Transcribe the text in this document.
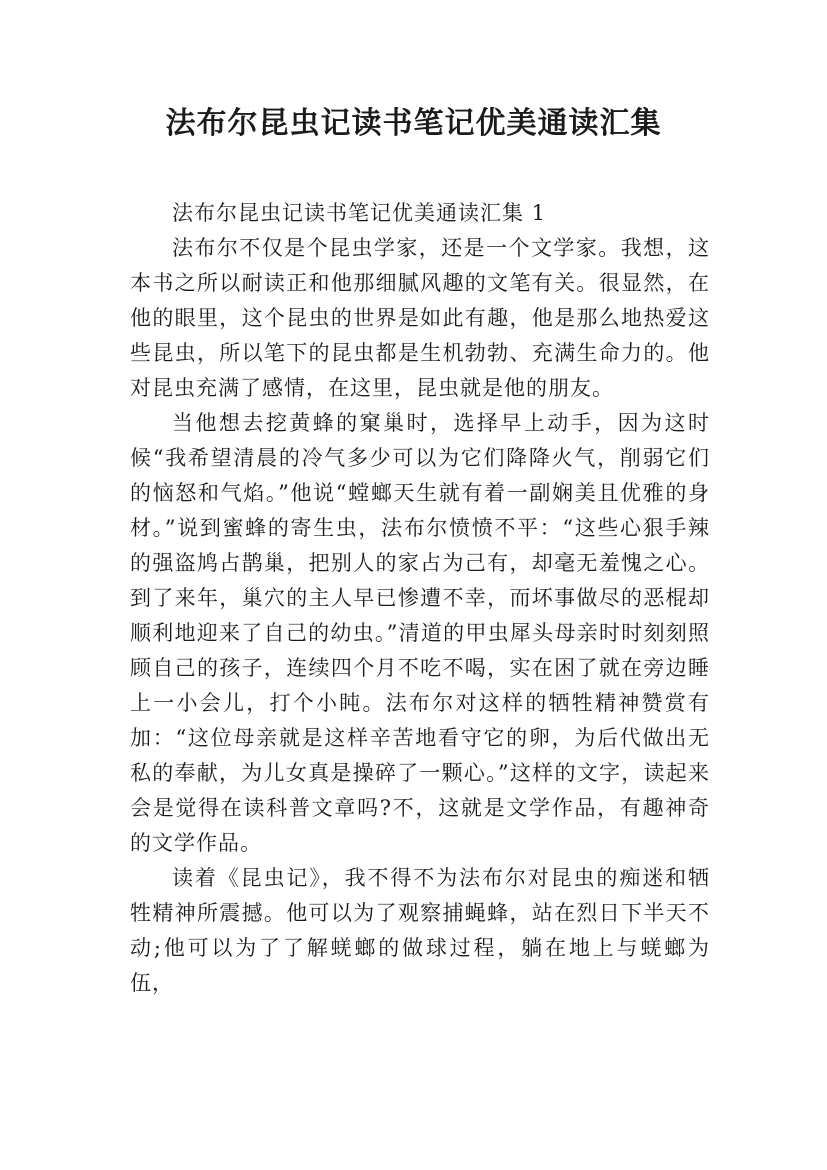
法布尔昆虫记读书笔记优美通读汇集

法布尔昆虫记读书笔记优美通读汇集 1

法布尔不仅是个昆虫学家，还是一个文学家。我想，这本书之所以耐读正和他那细腻风趣的文笔有关。很显然，在他的眼里，这个昆虫的世界是如此有趣，他是那么地热爱这些昆虫，所以笔下的昆虫都是生机勃勃、充满生命力的。他对昆虫充满了感情，在这里，昆虫就是他的朋友。

当他想去挖黄蜂的窠巢时，选择早上动手，因为这时候“我希望清晨的冷气多少可以为它们降降火气，削弱它们的恼怒和气焰。”他说“螳螂天生就有着一副娴美且优雅的身材。”说到蜜蜂的寄生虫，法布尔愤愤不平：“这些心狠手辣的强盗鸠占鹊巢，把别人的家占为己有，却毫无羞愧之心。到了来年，巢穴的主人早已惨遭不幸，而坏事做尽的恶棍却顺利地迎来了自己的幼虫。”清道的甲虫犀头母亲时时刻刻照顾自己的孩子，连续四个月不吃不喝，实在困了就在旁边睡上一小会儿，打个小盹。法布尔对这样的牺牲精神赞赏有加：“这位母亲就是这样辛苦地看守它的卵，为后代做出无私的奉献，为儿女真是操碎了一颗心。”这样的文字，读起来会是觉得在读科普文章吗?不，这就是文学作品，有趣神奇的文学作品。

读着《昆虫记》，我不得不为法布尔对昆虫的痴迷和牺牲精神所震撼。他可以为了观察捕蝇蜂，站在烈日下半天不动;他可以为了了解蜣螂的做球过程，躺在地上与蜣螂为伍，
